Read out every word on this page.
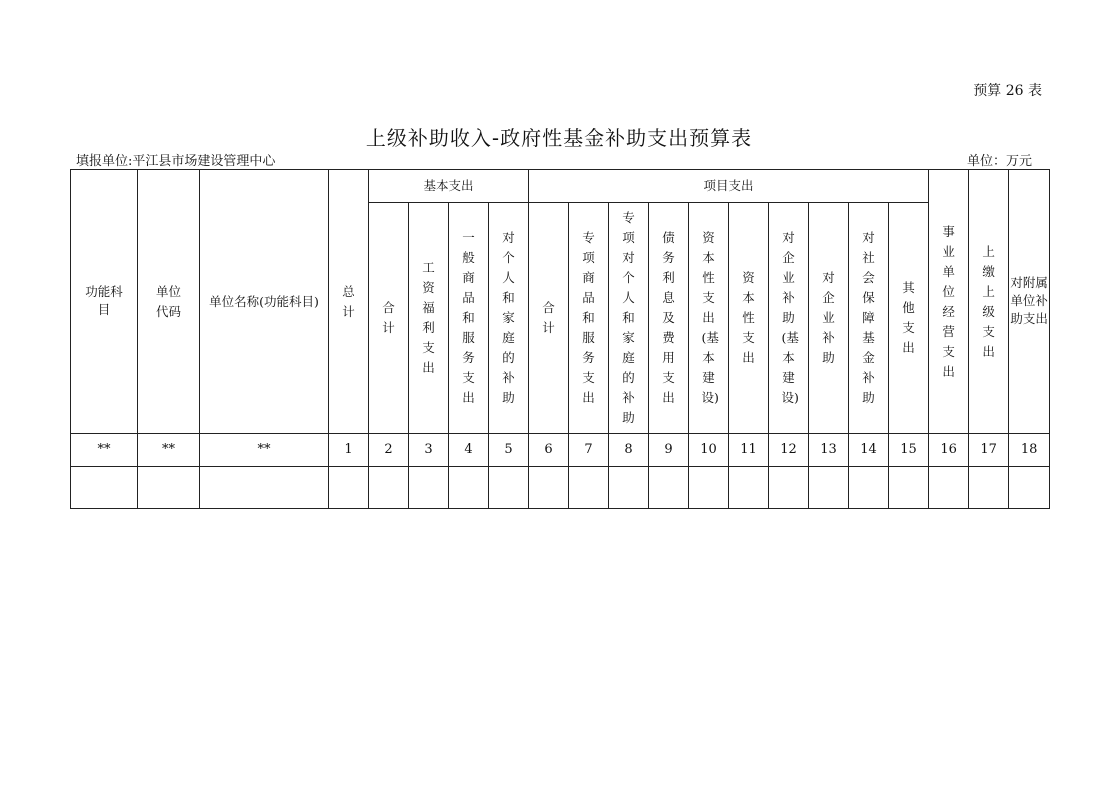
预算 26 表
上级补助收入-政府性基金补助支出预算表
填报单位:平江县市场建设管理中心	单位：万元
功能科目	单位代码	单位名称(功能科目)	总计	基本支出				项目支出										事业单位经营支出	上缴上级支出	对附属单位补助支出
				合计	工资福利支出	一般商品和服务支出	对个人和家庭的补助	合计	专项商品和服务支出	专项对个人和家庭的补助	债务利息及费用支出	资本性支出(基本建设)	资本性支出	对企业补助(基本建设)	对企业补助	对社会保障基金补助	其他支出			
**	**	**	1	2	3	4	5	6	7	8	9	10	11	12	13	14	15	16	17	18
